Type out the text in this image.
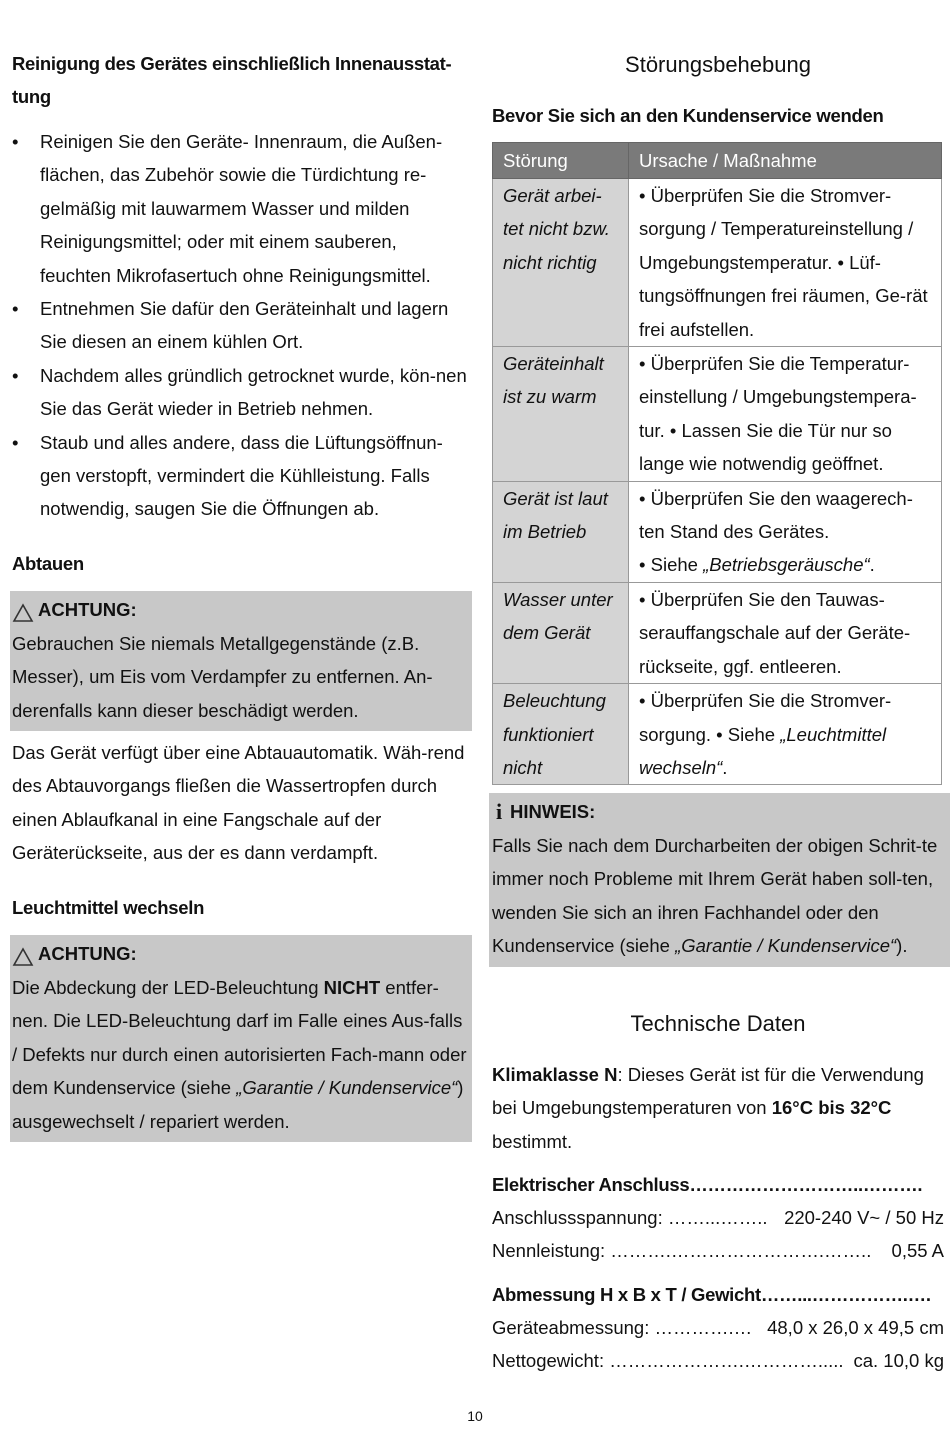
Reinigung des Gerätes einschließlich Innenausstat-

tung

• Reinigen Sie den Geräte- Innenraum, die Außen-flächen, das Zubehör sowie die Türdichtung re-gelmäßig mit lauwarmem Wasser und milden Reinigungsmittel; oder mit einem sauberen, feuchten Mikrofasertuch ohne Reinigungsmittel.
• Entnehmen Sie dafür den Geräteinhalt und lagern Sie diesen an einem kühlen Ort.
• Nachdem alles gründlich getrocknet wurde, kön-nen Sie das Gerät wieder in Betrieb nehmen.
• Staub und alles andere, dass die Lüftungsöffnun-gen verstopft, vermindert die Kühlleistung. Falls notwendig, saugen Sie die Öffnungen ab.

Abtauen

ACHTUNG:

Gebrauchen Sie niemals Metallgegenstände (z.B. Messer), um Eis vom Verdampfer zu entfernen. An-derenfalls kann dieser beschädigt werden.

Das Gerät verfügt über eine Abtauautomatik. Wäh-rend des Abtauvorgangs fließen die Wassertropfen durch einen Ablaufkanal in eine Fangschale auf der Geräterückseite, aus der es dann verdampft.

Leuchtmittel wechseln

ACHTUNG:

Die Abdeckung der LED-Beleuchtung NICHT entfer-nen. Die LED-Beleuchtung darf im Falle eines Aus-falls / Defekts nur durch einen autorisierten Fach-mann oder dem Kundenservice (siehe „Garantie / Kundenservice“) ausgewechselt / repariert werden.

Störungsbehebung

Bevor Sie sich an den Kundenservice wenden

Störung	Ursache / Maßnahme
Gerät arbei-tet nicht bzw. nicht richtig	• Überprüfen Sie die Stromver-sorgung / Temperatureinstellung / Umgebungstemperatur. • Lüf-tungsöffnungen frei räumen, Ge-rät frei aufstellen.
Geräteinhalt ist zu warm	• Überprüfen Sie die Temperatur-einstellung / Umgebungstempera-tur. • Lassen Sie die Tür nur so lange wie notwendig geöffnet.
Gerät ist laut im Betrieb	• Überprüfen Sie den waagerech-ten Stand des Gerätes.
• Siehe „Betriebsgeräusche“.

Wasser unter dem Gerät	• Überprüfen Sie den Tauwas-serauffangschale auf der Geräte-rückseite, ggf. entleeren.
Beleuchtung funktioniert nicht	• Überprüfen Sie die Stromver-sorgung. • Siehe „Leuchtmittel wechseln“.
i HINWEIS:

Falls Sie nach dem Durcharbeiten der obigen Schrit-te immer noch Probleme mit Ihrem Gerät haben soll-ten, wenden Sie sich an ihren Fachhandel oder den Kundenservice (siehe „Garantie / Kundenservice“).

Technische Daten

Klimaklasse N: Dieses Gerät ist für die Verwendung bei Umgebungstemperaturen von 16°C bis 32°C bestimmt.

Elektrischer Anschluss………………………..……….

Anschlussspannung: ……...…….. 220-240 V~ / 50 Hz
Nennleistung: ……….…………………….…….. 0,55 A

Abmessung H x B x T / Gewicht……...…………….….

Geräteabmessung: ………….… 48,0 x 26,0 x 49,5 cm
Nettogewicht: ………………….…………..... ca. 10,0 kg
10
